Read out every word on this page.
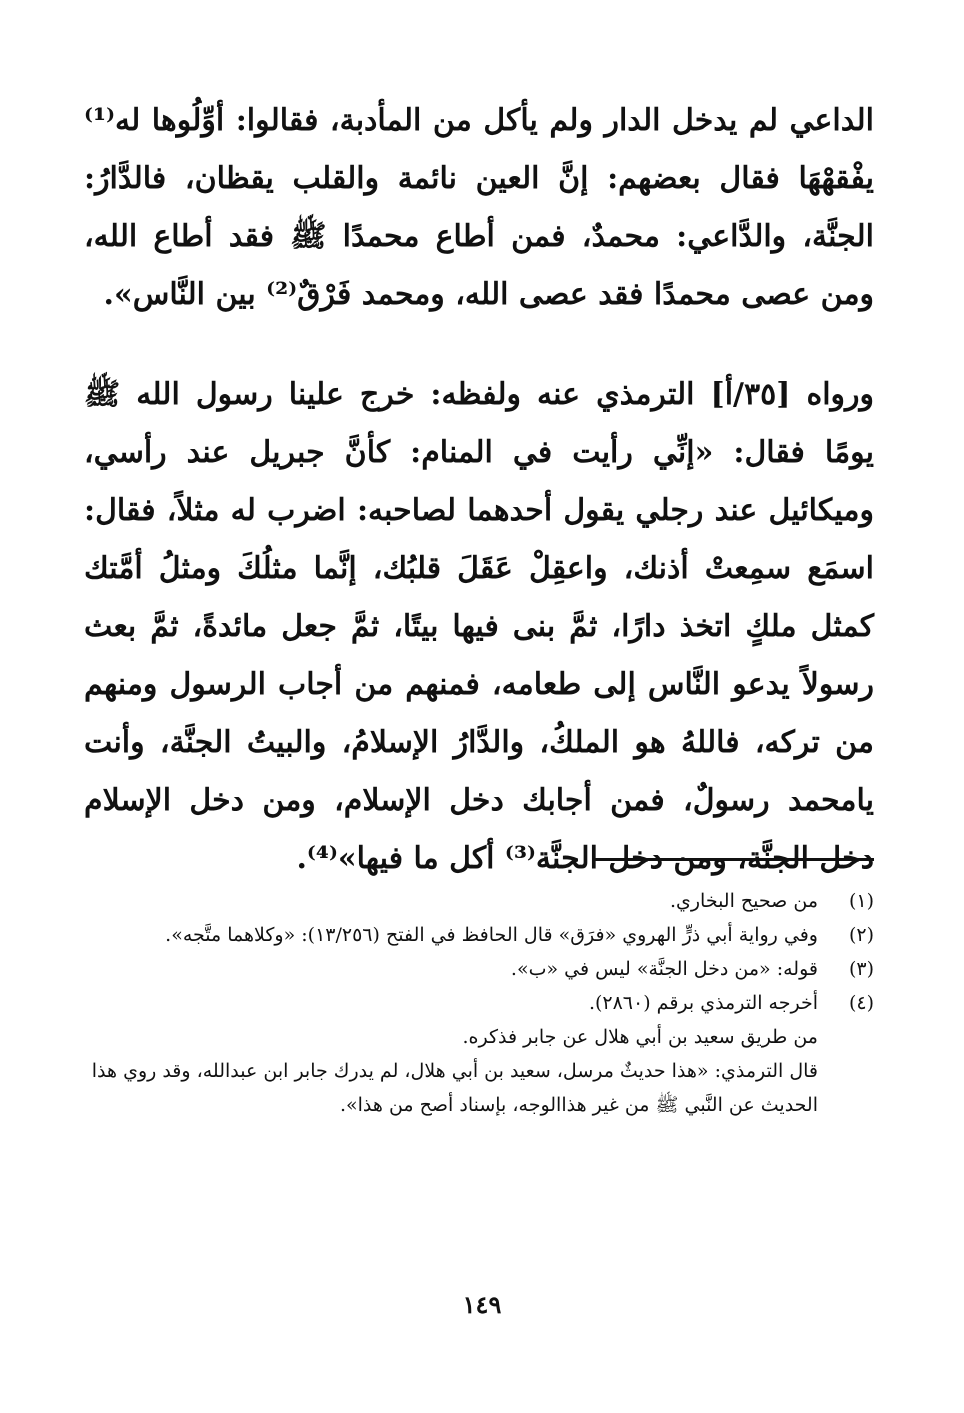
الداعي لم يدخل الدار ولم يأكل من المأدبة، فقالوا: أوِّلُوها له⁽¹⁾ يفْقهْهَا فقال بعضهم: إنَّ العين نائمة والقلب يقظان، فالدَّارُ: الجنَّة، والدَّاعي: محمدٌ، فمن أطاع محمدًا ﷺ فقد أطاع الله، ومن عصى محمدًا فقد عصى الله، ومحمد فَرْقٌ⁽²⁾ بين النَّاس».

ورواه [٣٥/أ] الترمذي عنه ولفظه: خرج علينا رسول الله ﷺ يومًا فقال: «إنِّي رأيت في المنام: كأنَّ جبريل عند رأسي، وميكائيل عند رجلي يقول أحدهما لصاحبه: اضرب له مثلاً، فقال: اسمَع سمِعتْ أذنك، واعقِلْ عَقَلَ قلبُك، إنَّما مثلُكَ ومثلُ أمَّتك كمثل ملكٍ اتخذ دارًا، ثمَّ بنى فيها بيتًا، ثمَّ جعل مائدةً، ثمَّ بعث رسولاً يدعو النَّاس إلى طعامه، فمنهم من أجاب الرسول ومنهم من تركه، فاللهُ هو الملكُ، والدَّارُ الإسلامُ، والبيتُ الجنَّة، وأنت يامحمد رسولٌ، فمن أجابك دخل الإسلام، ومن دخل الإسلام دخل الجنَّة، ومن دخل الجنَّة⁽³⁾ أكل ما فيها»⁽⁴⁾.

(١)
من صحيح البخاري.

(٢)
وفي رواية أبي ذرٍّ الهروي «فرَق» قال الحافظ في الفتح (١٣/٢٥٦): «وكلاهما متَّجه».

(٣)
قوله: «من دخل الجنَّة» ليس في «ب».

(٤)
أخرجه الترمذي برقم (٢٨٦٠).

من طريق سعيد بن أبي هلال عن جابر فذكره.

قال الترمذي: «هذا حديثٌ مرسل، سعيد بن أبي هلال، لم يدرك جابر ابن عبدالله، وقد روي هذا الحديث عن النَّبي ﷺ من غير هذاالوجه، بإسناد أصح من هذا».

١٤٩
